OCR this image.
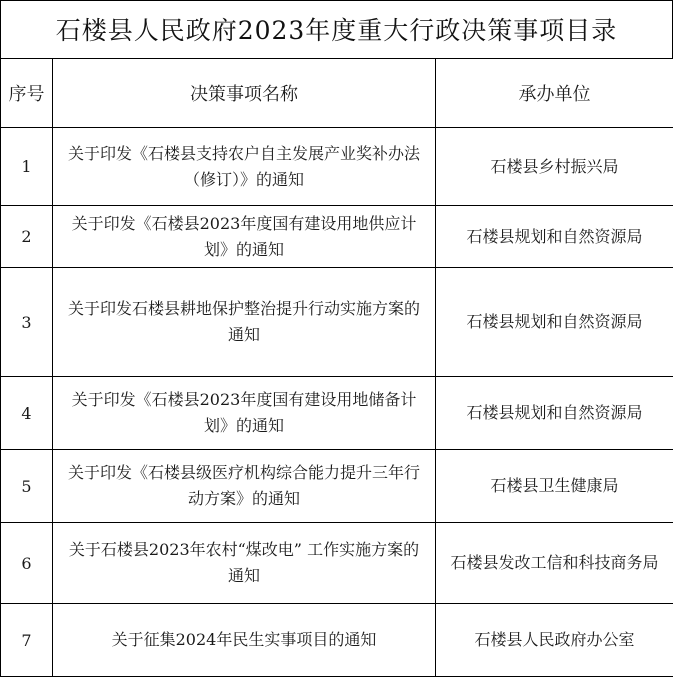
石楼县人民政府2023年度重大行政决策事项目录
序号	决策事项名称	承办单位
1	关于印发《石楼县支持农户自主发展产业奖补办法（修订）》的通知	石楼县乡村振兴局
2	关于印发《石楼县2023年度国有建设用地供应计划》的通知	石楼县规划和自然资源局
3	关于印发石楼县耕地保护整治提升行动实施方案的通知	石楼县规划和自然资源局
4	关于印发《石楼县2023年度国有建设用地储备计划》的通知	石楼县规划和自然资源局
5	关于印发《石楼县级医疗机构综合能力提升三年行动方案》的通知	石楼县卫生健康局
6	关于石楼县2023年农村“煤改电” 工作实施方案的通知	石楼县发改工信和科技商务局
7	关于征集2024年民生实事项目的通知	石楼县人民政府办公室
